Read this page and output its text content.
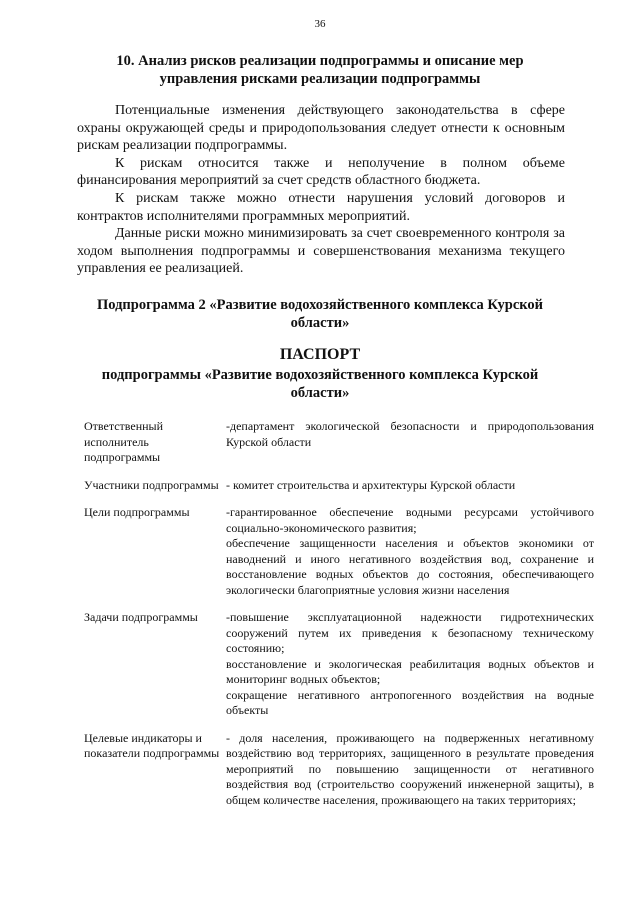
36
10. Анализ рисков реализации подпрограммы и описание мер управления рисками реализации подпрограммы

Потенциальные изменения действующего законодательства в сфере охраны окружающей среды и природопользования следует отнести к основным рискам реализации подпрограммы.

К рискам относится также и неполучение в полном объеме финансирования мероприятий за счет средств областного бюджета.

К рискам также можно отнести нарушения условий договоров и контрактов исполнителями программных мероприятий.

Данные риски можно минимизировать за счет своевременного контроля за ходом выполнения подпрограммы и совершенствования механизма текущего управления ее реализацией.

Подпрограмма 2 «Развитие водохозяйственного комплекса Курской области»
ПАСПОРТ
подпрограммы «Развитие водохозяйственного комплекса Курской области»
Ответственный исполнитель подпрограммы

-департамент экологической безопасности и природопользования Курской области

Участники подпрограммы - комитет строительства и архитектуры Курской области

Цели подпрограммы	-гарантированное обеспечение водными ресурсами устойчивого социально-экономического развития;

обеспечение защищенности населения и объектов экономики от наводнений и иного негативного воздействия вод, сохранение и восстановление водных объектов до состояния, обеспечивающего экологически благоприятные условия жизни населения

Задачи подпрограммы	-повышение эксплуатационной надежности гидротехнических сооружений путем их приведения к безопасному техническому состоянию;

восстановление и экологическая реабилитация водных объектов и мониторинг водных объектов;

сокращение негативного антропогенного воздействия на водные объекты

Целевые индикаторы и показатели подпрограммы

- доля населения, проживающего на подверженных негативному воздействию вод территориях, защищенного в результате проведения мероприятий по повышению защищенности от негативного воздействия вод (строительство сооружений инженерной защиты), в общем количестве населения, проживающего на таких территориях;
